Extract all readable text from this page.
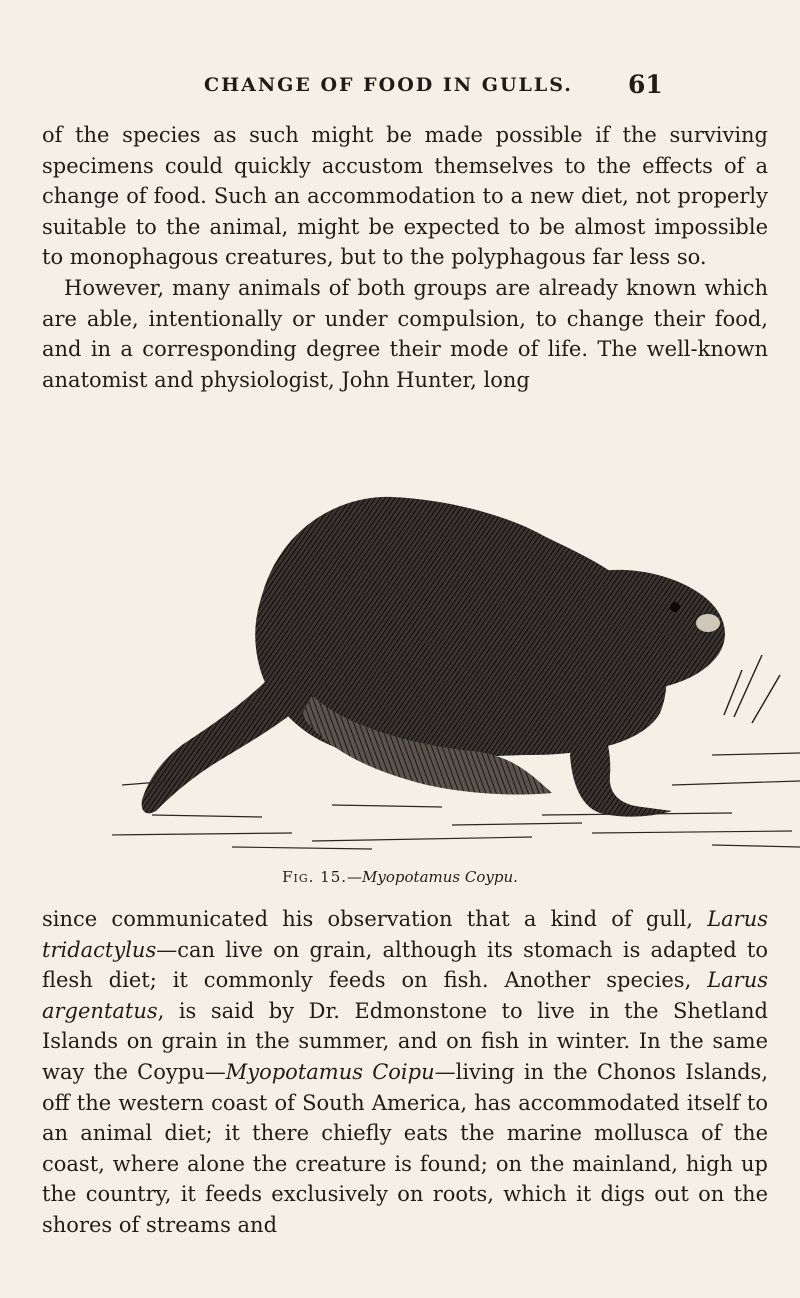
CHANGE OF FOOD IN GULLS. 61

of the species as such might be made possible if the surviving specimens could quickly accustom themselves to the effects of a change of food. Such an accommodation to a new diet, not properly suitable to the animal, might be expected to be almost impossible to monophagous creatures, but to the polyphagous far less so.

However, many animals of both groups are already known which are able, intentionally or under compulsion, to change their food, and in a corresponding degree their mode of life. The well-known anatomist and physiologist, John Hunter, long

Fig. 15.—Myopotamus Coypu.

since communicated his observation that a kind of gull, Larus tridactylus—can live on grain, although its stomach is adapted to flesh diet; it commonly feeds on fish. Another species, Larus argentatus, is said by Dr. Edmonstone to live in the Shetland Islands on grain in the summer, and on fish in winter. In the same way the Coypu—Myopotamus Coipu—living in the Chonos Islands, off the western coast of South America, has accommodated itself to an animal diet; it there chiefly eats the marine mollusca of the coast, where alone the creature is found; on the mainland, high up the country, it feeds exclusively on roots, which it digs out on the shores of streams and
